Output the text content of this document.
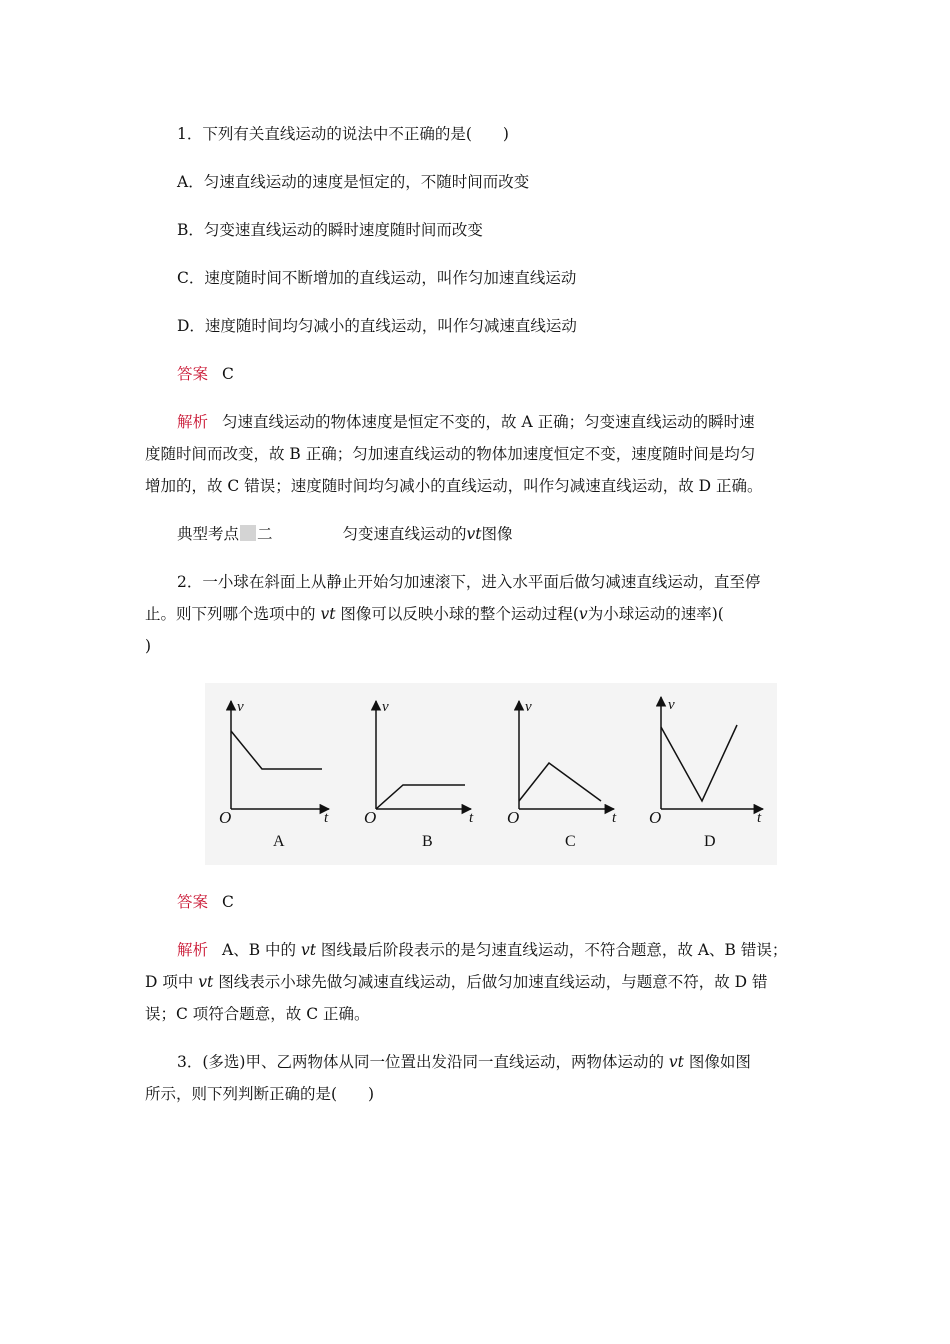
1．下列有关直线运动的说法中不正确的是(　　)
A．匀速直线运动的速度是恒定的，不随时间而改变
B．匀变速直线运动的瞬时速度随时间而改变
C．速度随时间不断增加的直线运动，叫作匀加速直线运动
D．速度随时间均匀减小的直线运动，叫作匀减速直线运动
答案 C
解析 匀速直线运动的物体速度是恒定不变的，故 A 正确；匀变速直线运动的瞬时速
度随时间而改变，故 B 正确；匀加速直线运动的物体加速度恒定不变，速度随时间是均匀
增加的，故 C 错误；速度随时间均匀减小的直线运动，叫作匀减速直线运动，故 D 正确。
典型考点 二	匀变速直线运动的vt图像
2．一小球在斜面上从静止开始匀加速滚下，进入水平面后做匀减速直线运动，直至停
止。则下列哪个选项中的 vt 图像可以反映小球的整个运动过程(v为小球运动的速率)(
)
v
O	t
A
v
O	t
B
v
O	t
C
v
O	t
D
答案 C
解析 A、B 中的 vt 图线最后阶段表示的是匀速直线运动，不符合题意，故 A、B 错误；
D 项中 vt 图线表示小球先做匀减速直线运动，后做匀加速直线运动，与题意不符，故 D 错
误；C 项符合题意，故 C 正确。
3．(多选)甲、乙两物体从同一位置出发沿同一直线运动，两物体运动的 vt 图像如图
所示，则下列判断正确的是(　　)
